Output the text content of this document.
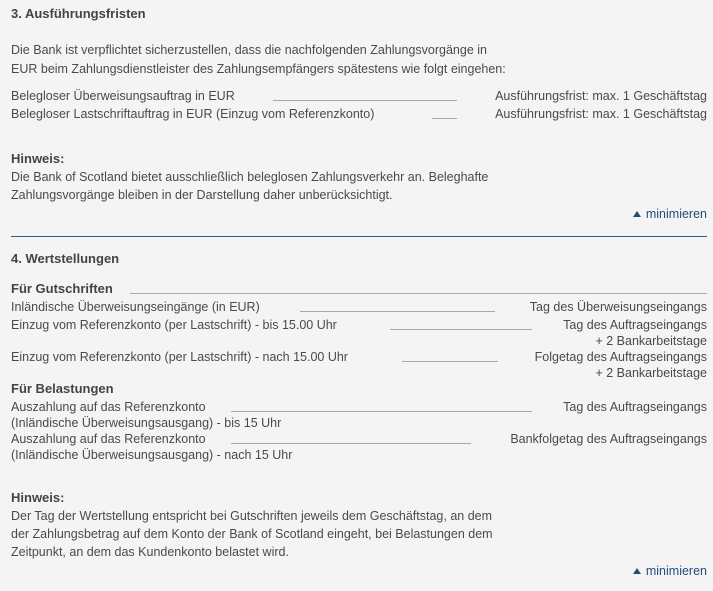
3. Ausführungsfristen
Die Bank ist verpflichtet sicherzustellen, dass die nachfolgenden Zahlungsvorgänge in
EUR beim Zahlungsdienstleister des Zahlungsempfängers spätestens wie folgt eingehen:
Belegloser Überweisungsauftrag in EUR	Ausführungsfrist: max. 1 Geschäftstag
Belegloser Lastschriftauftrag in EUR (Einzug vom Referenzkonto)	Ausführungsfrist: max. 1 Geschäftstag
Hinweis:
Die Bank of Scotland bietet ausschließlich beleglosen Zahlungsverkehr an. Beleghafte
Zahlungsvorgänge bleiben in der Darstellung daher unberücksichtigt.
minimieren
4. Wertstellungen
Für Gutschriften
Inländische Überweisungseingänge (in EUR)	Tag des Überweisungseingangs
Einzug vom Referenzkonto (per Lastschrift) - bis 15.00 Uhr	Tag des Auftragseingangs
+ 2 Bankarbeitstage
Einzug vom Referenzkonto (per Lastschrift) - nach 15.00 Uhr	Folgetag des Auftragseingangs
+ 2 Bankarbeitstage
Für Belastungen
Auszahlung auf das Referenzkonto	Tag des Auftragseingangs
(Inländische Überweisungsausgang) - bis 15 Uhr
Auszahlung auf das Referenzkonto	Bankfolgetag des Auftragseingangs
(Inländische Überweisungsausgang) - nach 15 Uhr
Hinweis:
Der Tag der Wertstellung entspricht bei Gutschriften jeweils dem Geschäftstag, an dem
der Zahlungsbetrag auf dem Konto der Bank of Scotland eingeht, bei Belastungen dem
Zeitpunkt, an dem das Kundenkonto belastet wird.
minimieren
